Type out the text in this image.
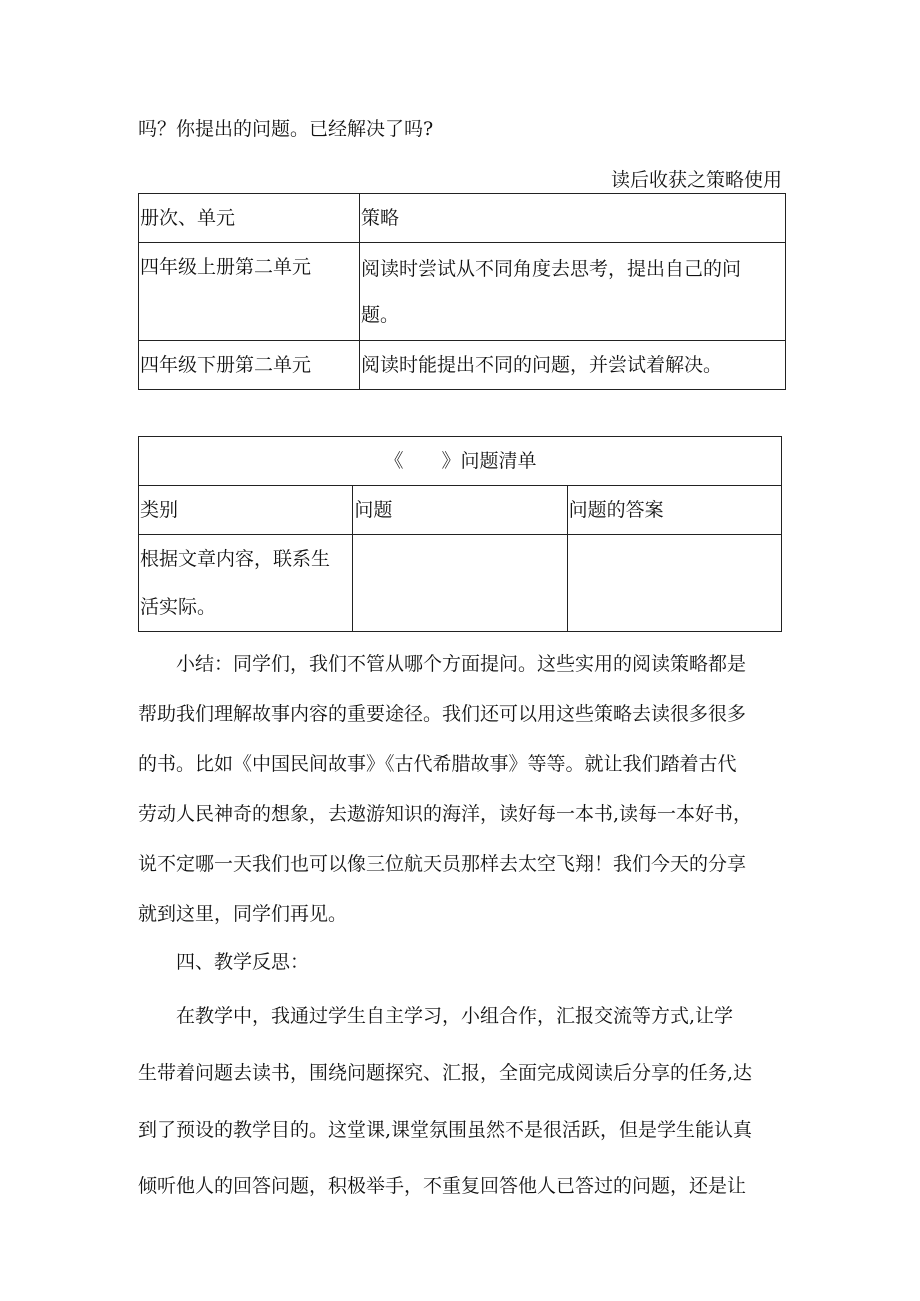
吗？你提出的问题。已经解决了吗?
读后收获之策略使用
册次、单元	策略
四年级上册第二单元	阅读时尝试从不同角度去思考，提出自己的问
题。

四年级下册第二单元	阅读时能提出不同的问题，并尝试着解决。
《　　》问题清单		
类别	问题	问题的答案

根据文章内容，联系生
活实际。		

小结：同学们，我们不管从哪个方面提问。这些实用的阅读策略都是
帮助我们理解故事内容的重要途径。我们还可以用这些策略去读很多很多
的书。比如《中国民间故事》《古代希腊故事》等等。就让我们踏着古代
劳动人民神奇的想象，去遨游知识的海洋，读好每一本书,读每一本好书，
说不定哪一天我们也可以像三位航天员那样去太空飞翔！我们今天的分享
就到这里，同学们再见。
四、教学反思：
在教学中，我通过学生自主学习，小组合作，汇报交流等方式,让学
生带着问题去读书，围绕问题探究、汇报，全面完成阅读后分享的任务,达
到了预设的教学目的。这堂课,课堂氛围虽然不是很活跃，但是学生能认真
倾听他人的回答问题，积极举手，不重复回答他人已答过的问题，还是让
